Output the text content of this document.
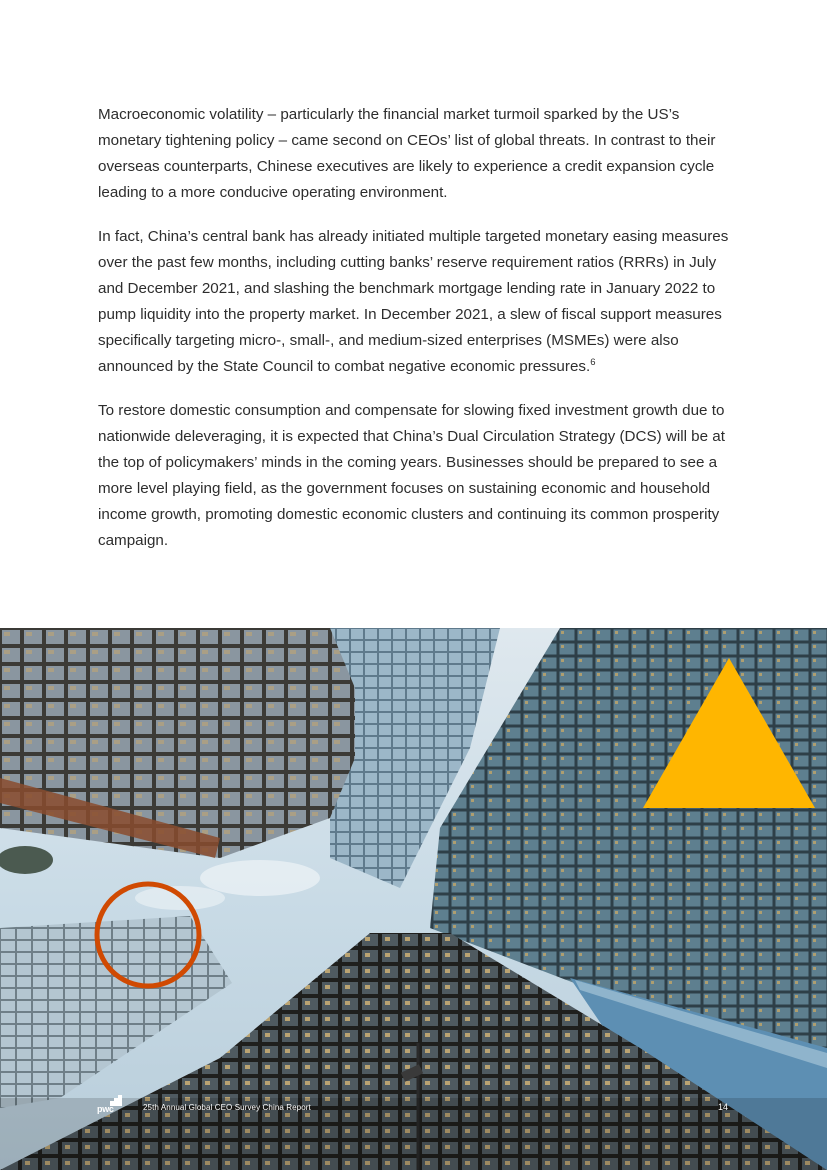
Macroeconomic volatility – particularly the financial market turmoil sparked by the US’s monetary tightening policy – came second on CEOs’ list of global threats. In contrast to their overseas counterparts, Chinese executives are likely to experience a credit expansion cycle leading to a more conducive operating environment.

In fact, China’s central bank has already initiated multiple targeted monetary easing measures over the past few months, including cutting banks’ reserve requirement ratios (RRRs) in July and December 2021, and slashing the benchmark mortgage lending rate in January 2022 to pump liquidity into the property market. In December 2021, a slew of fiscal support measures specifically targeting micro-, small-, and medium-sized enterprises (MSMEs) were also announced by the State Council to combat negative economic pressures.$^6$

To restore domestic consumption and compensate for slowing fixed investment growth due to nationwide deleveraging, it is expected that China’s Dual Circulation Strategy (DCS) will be at the top of policymakers’ minds in the coming years. Businesses should be prepared to see a more level playing field, as the government focuses on sustaining economic and household income growth, promoting domestic economic clusters and continuing its common prosperity campaign.

pwc	25th Annual Global CEO Survey China Report	14
